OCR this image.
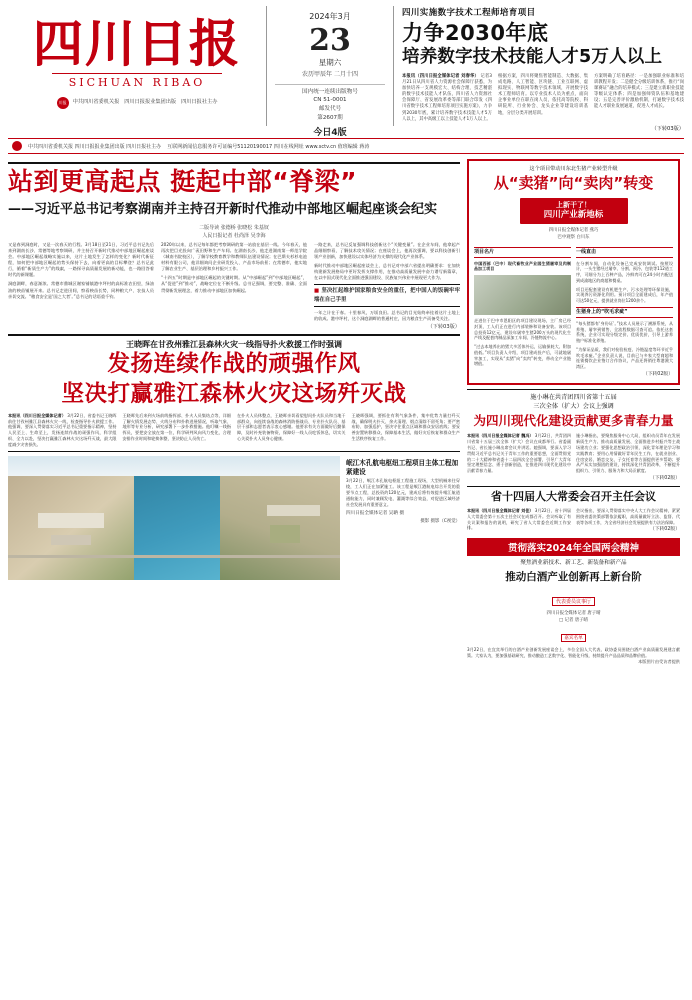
四川日报
SICHUAN RIBAO
川报	中共四川省委机关报 四川日报报业集团出版 四川日报社主办
2024年3月
23
星期六
农历甲辰年 二月十四
国内统一连续出版物号
CN 51-0001
邮发代号
第2607期
今日4版
四川实施数字技术工程师培育项目
力争2030年底
培养数字技术技能人才5万人以上
本报讯（四川日报全媒体记者 刘春华） 记者3月21日从四川省人力资源社会保障厅获悉，为加快培养一支规模宏大、结构合理、技艺精湛的数字技术技能人才队伍，四川省人力资源社会保障厅、省发展改革委等部门联合印发《四川省数字技术工程师培育项目实施方案》，力争到2030年底，累计培养数字技术技能人才5万人以上，其中高级工以上技能人才1万人以上。
根据方案，四川将聚焦智能制造、大数据、集成电路、人工智能、区块链、工业互联网、虚拟现实、物联网等数字技术领域，开展数字技术工程师培育。以专业技术人员为重点，面向企事业单位在职在岗人员，依托高等院校、科研院所、行业协会、龙头企业等建设培训基地，分层分类开展培训。
方案明确了培育路径：一是加强职业标准和培训教程开发；二是健全分级培训体系，推行“岗课赛证”融合的培养模式；三是建立新职业技能等级认定体系；四是加强师资队伍和基地建设；五是完善评价激励机制，打通数字技术技能人才职业发展通道，促进人才成长。
（下转03版）
中共四川省委机关报 四川日报报业集团出版 四川日报社主办 互联网新闻信息服务许可证编号51120190017 四川在线网址 www.sctv.cn 值班编辑 蒋涛
站到更高起点 挺起中部“脊梁”
——习近平总书记考察湖南并主持召开新时代推动中部地区崛起座谈会纪实
二版导读 张德桥 张晓松 朱基钗
人民日报记者 杜尚泽 吴李海

又是春到洞庭时，又是一次春天的行程。3月18日至21日，习近平总书记先后来到湖南长沙、常德等地考察调研，并主持召开新时代推动中部地区崛起座谈会。中部地区崛起战略实施以来，这片土地发生了怎样的变化？新时代新征程，如何把中部地区崛起的势头保持下去，向着更高的目标攀登？总书记此行，循着“新质生产力”的线索，一路探寻高质量发展的新动能，也一路回答着时代的新课题。

洞庭湖畔，春意渐浓。常德市鼎城区谢家铺镇港中坪村的高标准农田里，绿油油的秧苗铺展开来。总书记走进田间，察看秧苗长势，同种粮大户、农技人员亲切交流。“粮食安全是‘国之大者’。”总书记的话语重千钧。

2020年以来，总书记每年都把考察调研的第一站放在基层一线。今年春天，他再次把目光投向广袤田野和生产车间。在湖南长沙，他走进湖南第一师范学院（城南书院校区），了解学校教育教学和教师队伍建设情况；在巴斯夫杉杉电池材料有限公司，他详细询问企业研发投入、产品市场前景；在常德市，他实地了解农业生产、基层治理和乡村振兴工作。

“十四五”时期是中部地区崛起的关键时期。从“中部崛起”到“中部地区崛起”，从“促进”到“推动”，战略定位在不断升级。总书记强调，要完整、准确、全面贯彻新发展理念，着力推动中部地区加快崛起。

一路走来，总书记反复强调科技创新这个“关键变量”。在企业车间，他拿起产品细细察看，了解技术攻关情况；在座谈会上，他再次强调，要以科技创新引领产业创新，加快建设以实体经济为支撑的现代化产业体系。

新时代推动中部地区崛起座谈会上，总书记对中部六省提出明确要求：在加快构建新发展格局中更好发挥支撑作用，在推动高质量发展中奋力谱写新篇章，在以中国式现代化全面推进强国建设、民族复兴伟业中展现更大作为。

■ 坚决扛起维护国家粮食安全的重任，把中国人的饭碗牢牢端在自己手里

一年之计在于春。十里春风，万顷良田。总书记的目光始终牵挂着这片土地上的收成。港中坪村，这个洞庭湖畔的普通村庄，因为粮食生产而备受关注。

（下转03版）
王晓晖在甘孜州雅江县森林火灾一线指导扑火救援工作时强调
发扬连续作战的顽强作风
坚决打赢雅江森林火灾这场歼灭战
本报讯（四川日报全媒体记者） 3月22日，省委书记王晓晖前往甘孜州雅江县森林火灾一线，检查指导扑火救援工作。他强调，要深入贯彻落实习近平总书记重要指示精神，坚持人民至上、生命至上，发扬连续作战的顽强作风，科学组织、全力以赴，坚决打赢雅江森林火灾这场歼灭战，最大限度减少灾害损失。
王晓晖先后来到火场前线指挥部、扑火人员集结点等，详细了解火情发展态势、火线分布和扑救进展情况，听取气象、地形等专业分析，研究部署下一步扑救措施。他叮嘱一线指挥员，要把安全放在第一位，科学研判风向风力变化，合理安排作业时间和轮换休整，坚决防止人员伤亡。
在扑火人员休整点，王晓晖亲切看望慰问扑火队员和当地干部群众，向连续奋战的森林消防指战员、专业扑火队员、基层干部和志愿者表示衷心感谢。他要求有关方面做好后勤保障，及时补充装备物资，保障好一线人员吃饭休息，切实关心关爱扑火人员身心健康。
王晓晖强调，要抓住有利气象条件，集中优势力量打歼灭战，确保明火扑灭、余火清理、烟点清除不留死角；要严密布防、加强巡护，坚决守住重点区域和群众安居底线；要妥善安置转移群众，保障基本生活，做好灾后恢复和群众生产生活秩序恢复工作。
岷江木孔航电枢纽工程项目主体工程加紧建设
3月22日，岷江木孔航电枢纽工程施工现场，大型机械来往穿梭，工人们正在加紧施工。该工程是岷江港航电综合开发的重要节点工程，总投资约120亿元，建成后将有效提升岷江航道通航能力，同时兼顾发电、灌溉等综合效益，对促进区域经济社会发展具有重要意义。
四川日报全媒体记者 吴聃 摄
摄影 摄影（C视觉）
这个项目带动川东北生猪产业转型升级
从“卖猪”向“卖肉”转变
上新干了！
四川产业新地标
四川日报全媒体记者 燕巧
巴中观察 白川东
项目名片
中国西部（巴中）现代畜牧业产业园生猪屠宰及肉制品加工项目

走进位于巴中市恩阳区的项目建设现场，主厂房已经封顶，工人们正在进行内部装修和设备安装。该项目总投资12亿元，建设年屠宰生猪200万头的现代化生产线及配套肉制品深加工车间、冷链物流中心。

“过去本地养出的猪大多活体外运，运输损耗大、附加值低。”项目负责人介绍，项目建成投产后，可就地屠宰加工，实现从“卖猪”向“卖肉”转变，带动全产业链增值。

一线直击

在分割车间，自动化设备已完成安装调试。按照设计，一头生猪经过屠宰、分割、预冷、包装等112道工序，可细分为上百种产品，冷鲜肉可在24小时内配送到成渝地区的商超和餐桌。

项目还配套建设有机肥生产、污水处理等环保设施，实现粪污资源化利用。预计项目全面建成后，年产值可达50亿元，提供就业岗位1200余个。

生猪身上的“吹毛求疵”

“每头猪都有‘身份证’。”技术人员展示了溯源系统，从养殖、屠宰到销售，全流程数据可查可追。依托这套系统，企业可实现分级定价、优质优价，引导上游养殖户标准化养殖。

“为保证品质，我们对检验检疫、冷链温度等环节近乎吹毛求疵。”企业负责人说，目前已与多家大型商超和连锁餐饮企业签订合作协议，产品还将销往粤港澳大湾区。

（下转02版）
施小琳在共青团四川省第十五届
三次全体（扩大）会议上强调
为四川现代化建设贡献更多青春力量
本报讯（四川日报全媒体记者 魏冯） 3月22日，共青团四川省第十五届三次全体（扩大）会议在成都举行。省委副书记、省长施小琳出席会议并讲话。她强调，要深入学习贯彻习近平总书记关于青年工作的重要思想，全面贯彻党的二十大精神和省委十二届四次全会部署，引导广大青年坚定理想信念、勇于创新创造，在推进四川现代化建设中贡献青春力量。
施小琳指出，要聚焦服务中心大局，组织动员青年在发展新质生产力、推动高质量发展、全面推进乡村振兴等主战场建功立业；要强化思想政治引领，深化青年理论学习和实践教育；要用心用情做好青年民生工作，在就业创业、住房安居、婚恋交友、子女托育等方面提供更多帮助；要从严从实加强团的建设，持续深化共青团改革，不断提升组织力、引领力、服务力和大局贡献度。
（下转02版）
省十四届人大常委会召开主任会议
本报讯（四川日报全媒体记者 刘佳） 3月22日，省十四届人大常委会第十五次主任会议在成都召开。会议听取了有关议案和报告的说明，研究了省人大常委会近期工作安排。
会议指出，要深入贯彻落实中央人大工作会议精神，紧紧围绕省委决策部署依法履职，高质量做好立法、监督、代表等各项工作，为全省经济社会发展提供有力法治保障。
（下转02版）
贯彻落实2024年全国两会精神
聚焦酒业新技术、新工艺、新装备和新产品
推动白酒产业创新再上新台阶
代表委员议事厅
四川日报全媒体记者 唐子晴
□ 记者 唐子晴
嘉宾名单
3月22日，在宜宾举行的白酒产业创新发展座谈会上，多位全国人大代表、政协委员围绕白酒产业高质量发展建言献策。大家认为，要加强基础研究，推动酿造工艺数字化、智能化升级，持续提升产品品质和品牌价值。
本版图片由受访者提供
